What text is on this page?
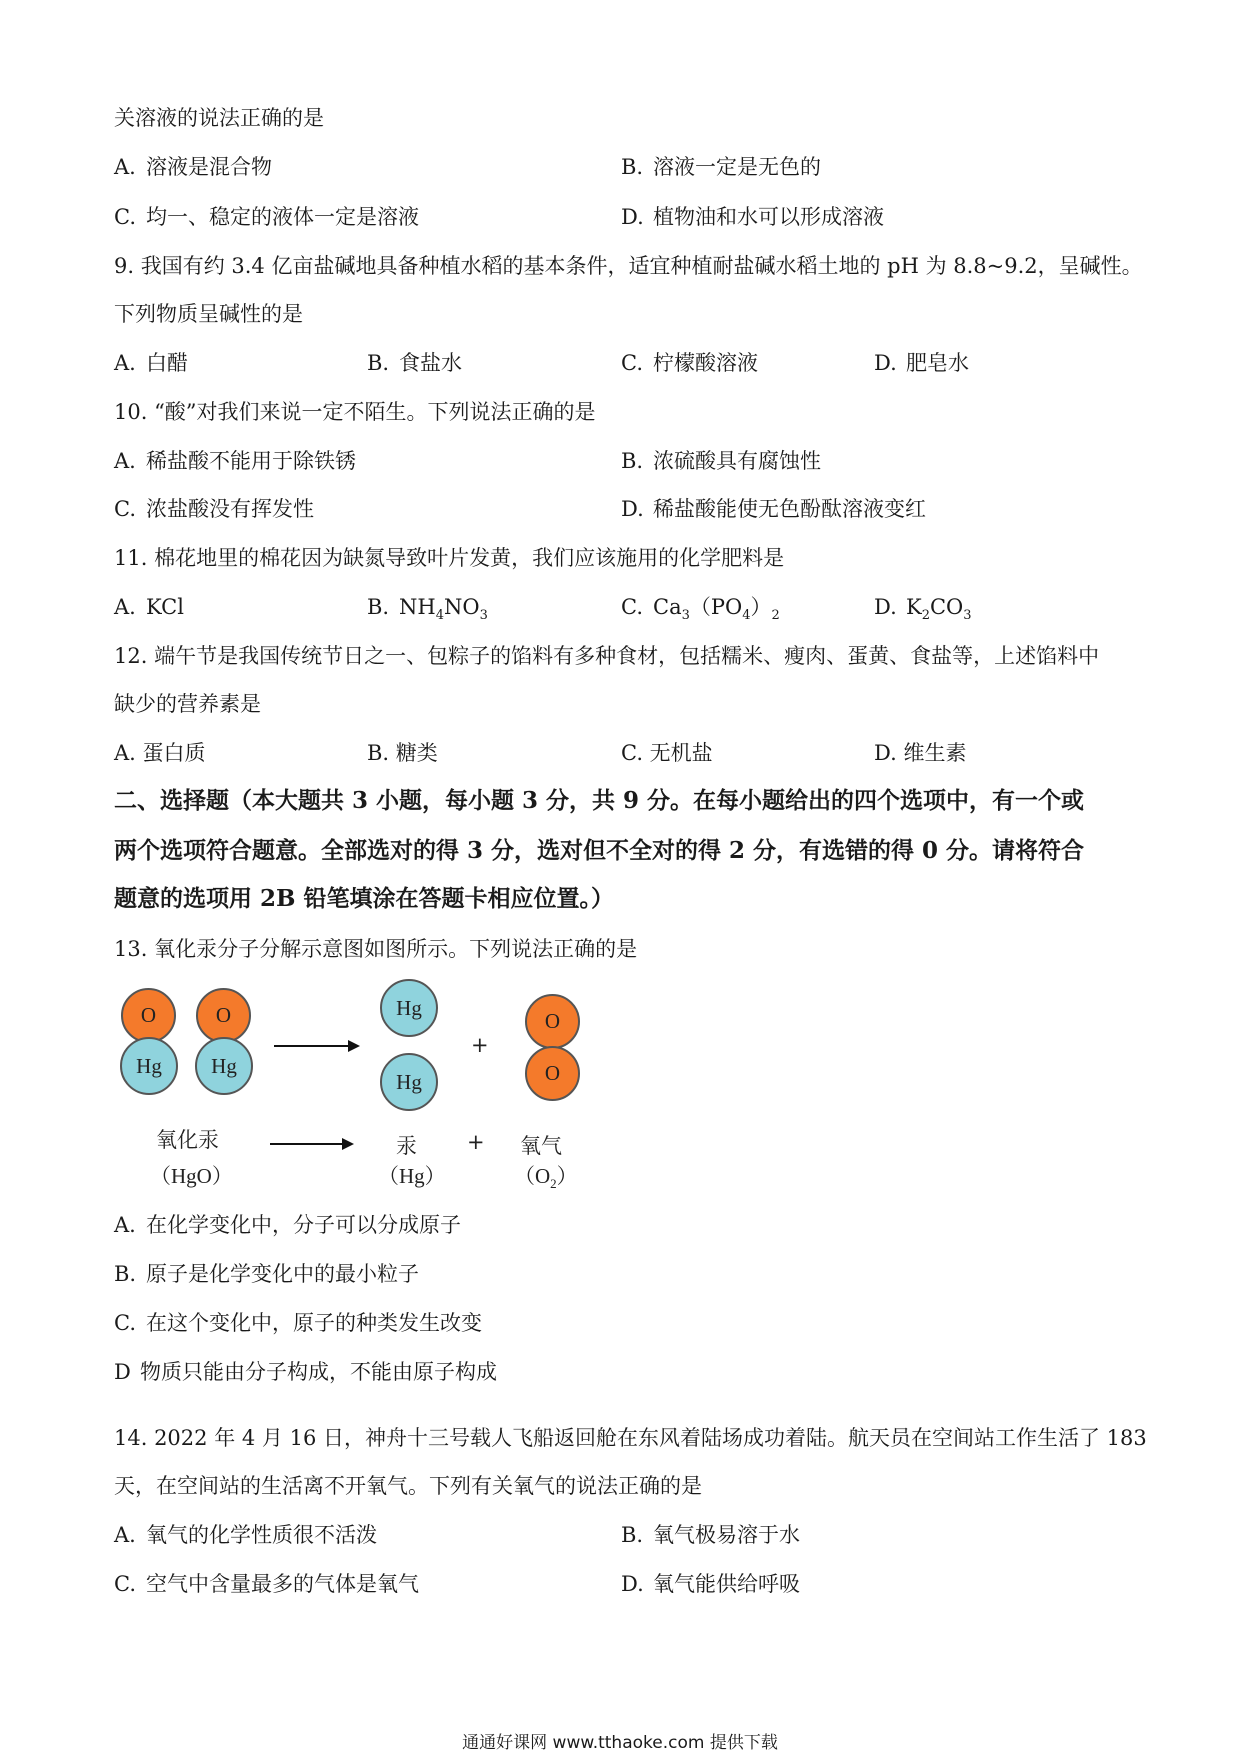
关溶液的说法正确的是
A. 溶液是混合物	B. 溶液一定是无色的
C. 均一、稳定的液体一定是溶液	D. 植物油和水可以形成溶液
9. 我国有约 3.4 亿亩盐碱地具备种植水稻的基本条件，适宜种植耐盐碱水稻土地的 pH 为 8.8~9.2，呈碱性。
下列物质呈碱性的是
A. 白醋	B. 食盐水	C. 柠檬酸溶液	D. 肥皂水
10. “酸”对我们来说一定不陌生。下列说法正确的是
A. 稀盐酸不能用于除铁锈	B. 浓硫酸具有腐蚀性
C. 浓盐酸没有挥发性	D. 稀盐酸能使无色酚酞溶液变红
11. 棉花地里的棉花因为缺氮导致叶片发黄，我们应该施用的化学肥料是
A. KCl	B. $NH_4NO_3$	C. $Ca_3(PO_4)_2$	D. $K_2CO_3$
12. 端午节是我国传统节日之一、包粽子的馅料有多种食材，包括糯米、瘦肉、蛋黄、食盐等，上述馅料中
缺少的营养素是
A. 蛋白质	B. 糖类	C. 无机盐	D. 维生素
二、选择题（本大题共 3 小题，每小题 3 分，共 9 分。在每小题给出的四个选项中，有一个或
两个选项符合题意。全部选对的得 3 分，选对但不全对的得 2 分，有选错的得 0 分。请将符合
题意的选项用 2B 铅笔填涂在答题卡相应位置。）
13. 氧化汞分子分解示意图如图所示。下列说法正确的是
O
Hg
O
Hg
Hg
Hg
+
O
O
氧化汞
（HgO）
汞
（Hg）
+ 氧气
$(O_2)$
A. 在化学变化中，分子可以分成原子
B. 原子是化学变化中的最小粒子
C. 在这个变化中，原子的种类发生改变
D 物质只能由分子构成，不能由原子构成
14. 2022 年 4 月 16 日，神舟十三号载人飞船返回舱在东风着陆场成功着陆。航天员在空间站工作生活了 183
天，在空间站的生活离不开氧气。下列有关氧气的说法正确的是
A. 氧气的化学性质很不活泼	B. 氧气极易溶于水
C. 空气中含量最多的气体是氧气	D. 氧气能供给呼吸
通通好课网 www.tthaoke.com 提供下载
